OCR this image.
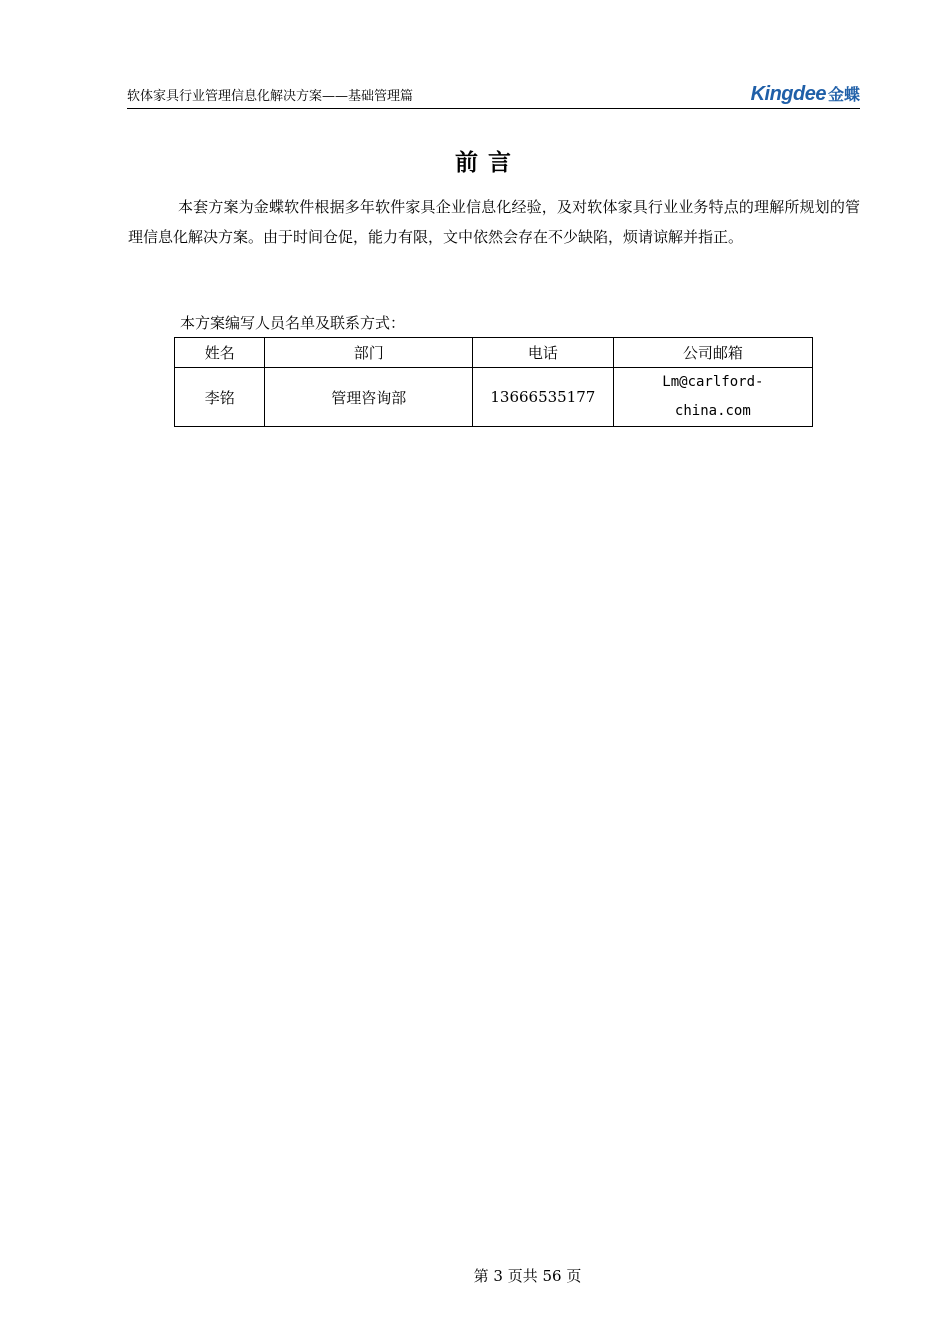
软体家具行业管理信息化解决方案——基础管理篇	Kingdee 金蝶
前言

本套方案为金蝶软件根据多年软件家具企业信息化经验，及对软体家具行业业务特点的理解所规划的管理信息化解决方案。由于时间仓促，能力有限，文中依然会存在不少缺陷，烦请谅解并指正。

本方案编写人员名单及联系方式：
姓名	部门	电话	公司邮箱
李铭	管理咨询部	13666535177	Lm@carlford-
china.com
第 3 页共 56 页
